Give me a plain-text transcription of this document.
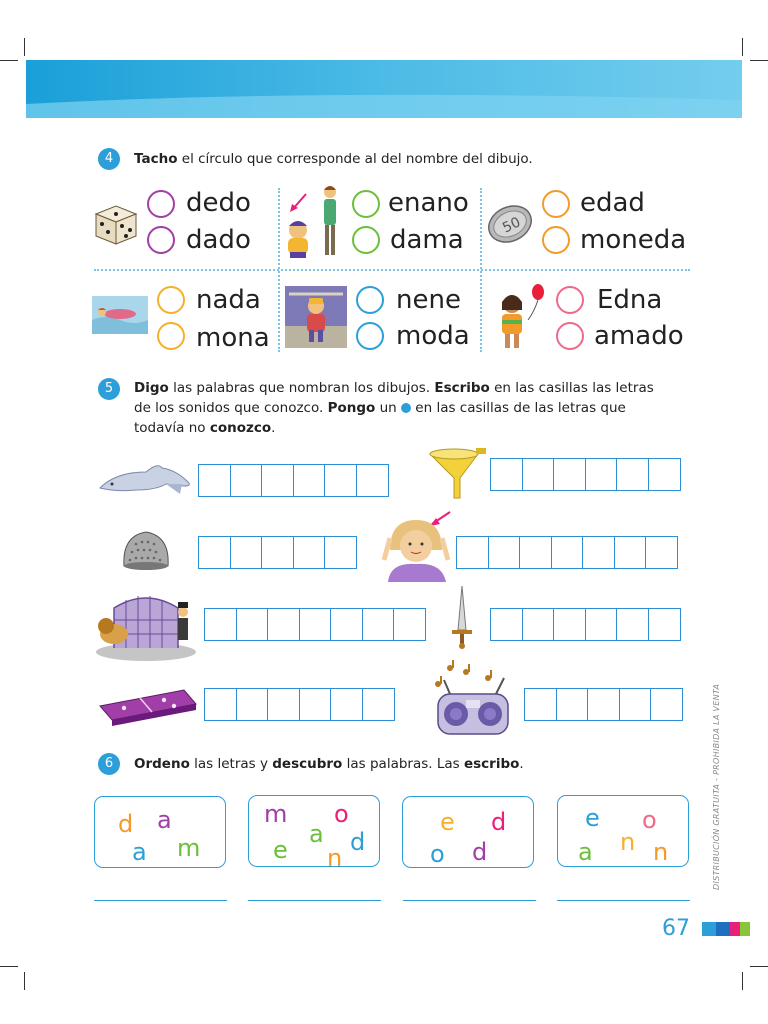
4	Tacho el círculo que corresponde al del nombre del dibujo.
dedo
dado
enano
dama	50
edad
moneda
nada
mona
nene
moda
Edna
amado
5	Digo las palabras que nombran los dibujos. Escribo en las casillas las letras
de los sonidos que conozco. Pongo un  en las casillas de las letras que
todavía no conozco.
6	Ordeno las letras y descubro las palabras. Las escribo.
d a
a m
m o
a d
e n
e d
o d
e o
n
a	n	DISTRIBUCIÓN GRATUITA - PROHIBIDA LA VENTA
67
